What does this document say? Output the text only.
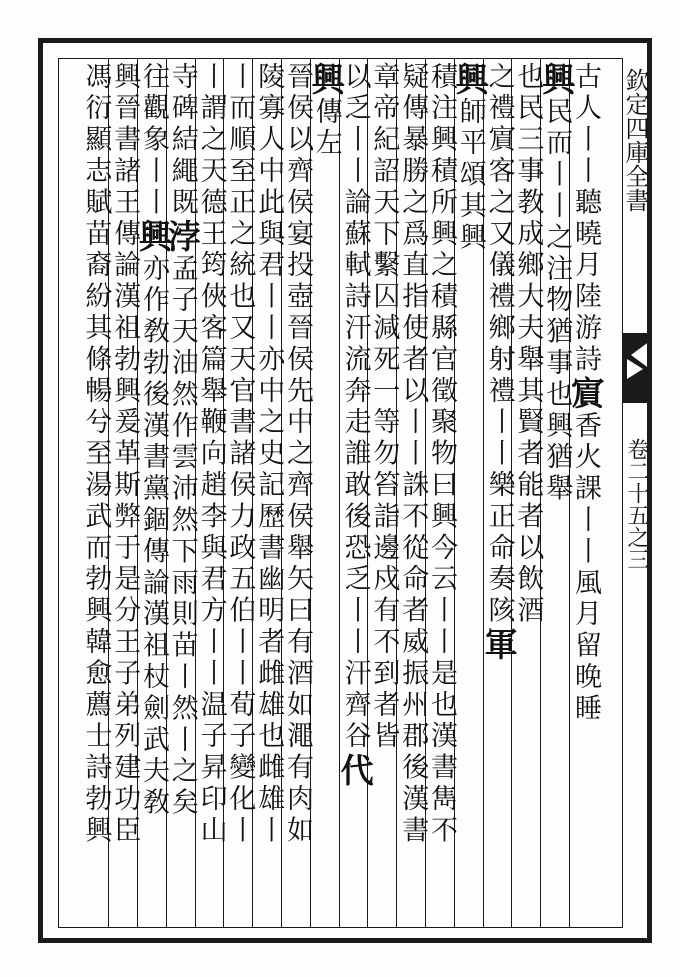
欽定四庫全書
卷二十五之三
古人丨丨聽曉月陸游詩賔香火課丨丨風月留晚睡
興民而丨丨之注物猶事也興猶舉
也民三事教成鄉大夫舉其賢者能者以飲酒
之禮賔客之又儀禮鄉射禮丨丨樂正命奏陔軍
興師平頌其興
積注興積所興之積縣官徵聚物曰興今云丨丨是也漢書雋不
疑傳暴勝之爲直指使者以丨丨誅不從命者威振州郡後漢書
章帝紀詔天下繫囚減死一等勿笞詣邊戍有不到者皆
以乏丨丨論蘇軾詩汗流奔走誰敢後恐乏丨丨汗齊谷代
興傳左
晉侯以齊侯宴投壺晉侯先中之齊侯舉矢曰有酒如澠有肉如
陵寡人中此與君丨丨亦中之史記歷書幽明者雌雄也雌雄丨
丨而順至正之統也又天官書諸侯力政五伯丨丨荀子變化丨
丨謂之天德王筠俠客篇舉鞭向趙李與君方丨丨温子昇印山
寺碑結繩既浡孟子天油然作雲沛然下雨則苗丨然丨之矣
往觀象丨丨興亦作敎勃後漢書黨錮傳論漢祖杖劍武夫敎
興晉書諸王傳論漢祖勃興爰革斯弊于是分王子弟列建功臣
馮衍顯志賦苗裔紛其條暢兮至湯武而勃興韓愈薦士詩勃興
